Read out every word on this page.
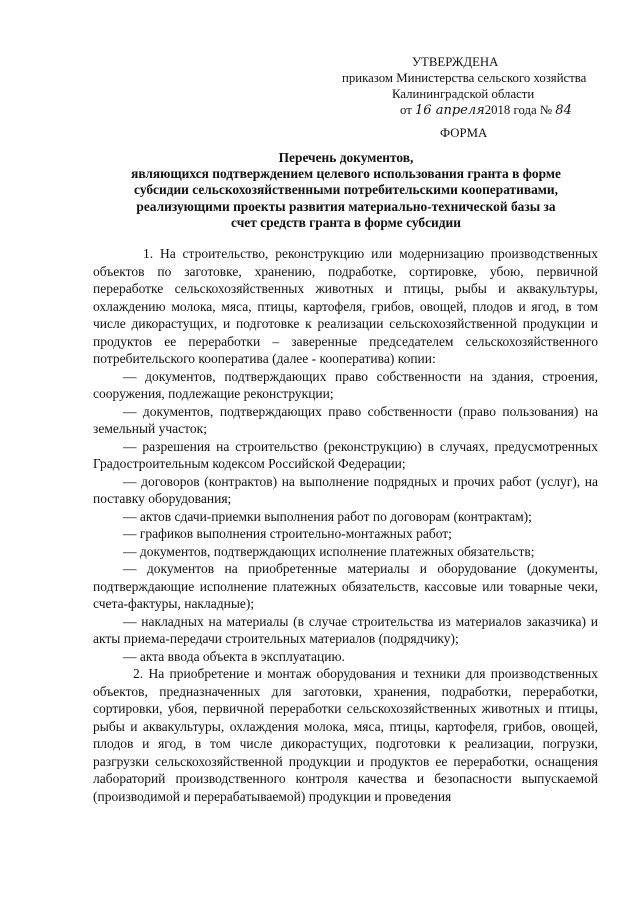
УТВЕРЖДЕНА
приказом Министерства сельского хозяйства
Калининградской области
от 16 апреля2018 года № 84
ФОРМА
Перечень документов,
являющихся подтверждением целевого использования гранта в форме
субсидии сельскохозяйственными потребительскими кооперативами,
реализующими проекты развития материально-технической базы за
счет средств гранта в форме субсидии

1. На строительство, реконструкцию или модернизацию производственных объектов по заготовке, хранению, подработке, сортировке, убою, первичной переработке сельскохозяйственных животных и птицы, рыбы и аквакультуры, охлаждению молока, мяса, птицы, картофеля, грибов, овощей, плодов и ягод, в том числе дикорастущих, и подготовке к реализации сельскохозяйственной продукции и продуктов ее переработки – заверенные председателем сельскохозяйственного потребительского кооператива (далее - кооператива) копии:

— документов, подтверждающих право собственности на здания, строения, сооружения, подлежащие реконструкции;

— документов, подтверждающих право собственности (право пользования) на земельный участок;

— разрешения на строительство (реконструкцию) в случаях, предусмотренных Градостроительным кодексом Российской Федерации;

— договоров (контрактов) на выполнение подрядных и прочих работ (услуг), на поставку оборудования;

— актов сдачи-приемки выполнения работ по договорам (контрактам);

— графиков выполнения строительно-монтажных работ;

— документов, подтверждающих исполнение платежных обязательств;

— документов на приобретенные материалы и оборудование (документы, подтверждающие исполнение платежных обязательств, кассовые или товарные чеки, счета-фактуры, накладные);

— накладных на материалы (в случае строительства из материалов заказчика) и акты приема-передачи строительных материалов (подрядчику);

— акта ввода объекта в эксплуатацию.

2. На приобретение и монтаж оборудования и техники для производственных объектов, предназначенных для заготовки, хранения, подработки, переработки, сортировки, убоя, первичной переработки сельскохозяйственных животных и птицы, рыбы и аквакультуры, охлаждения молока, мяса, птицы, картофеля, грибов, овощей, плодов и ягод, в том числе дикорастущих, подготовки к реализации, погрузки, разгрузки сельскохозяйственной продукции и продуктов ее переработки, оснащения лабораторий производственного контроля качества и безопасности выпускаемой (производимой и перерабатываемой) продукции и проведения
